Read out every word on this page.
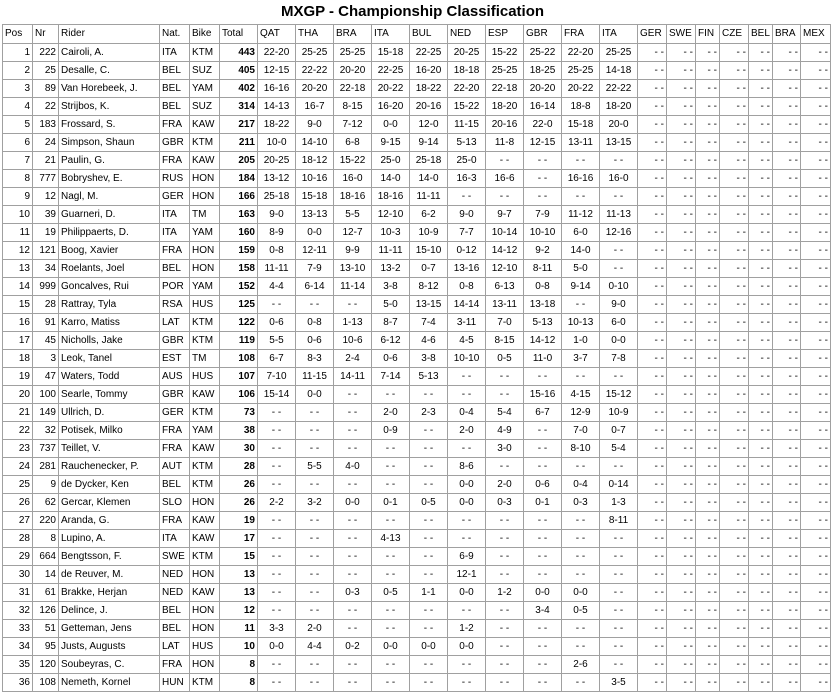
MXGP - Championship Classification
Pos	Nr	Rider	Nat.	Bike	Total	QAT	THA	BRA	ITA	BUL	NED	ESP	GBR	FRA	ITA	GER	SWE	FIN	CZE	BEL	BRA	MEX
1	222	Cairoli, A.	ITA	KTM	443	22-20	25-25	25-25	15-18	22-25	20-25	15-22	25-22	22-20	25-25	- -	- -	- -	- -	- -	- -	- -
2	25	Desalle, C.	BEL	SUZ	405	12-15	22-22	20-20	22-25	16-20	18-18	25-25	18-25	25-25	14-18	- -	- -	- -	- -	- -	- -	- -
3	89	Van Horebeek, J.	BEL	YAM	402	16-16	20-20	22-18	20-22	18-22	22-20	22-18	20-20	20-22	22-22	- -	- -	- -	- -	- -	- -	- -
4	22	Strijbos, K.	BEL	SUZ	314	14-13	16-7	8-15	16-20	20-16	15-22	18-20	16-14	18-8	18-20	- -	- -	- -	- -	- -	- -	- -
5	183	Frossard, S.	FRA	KAW	217	18-22	9-0	7-12	0-0	12-0	11-15	20-16	22-0	15-18	20-0	- -	- -	- -	- -	- -	- -	- -
6	24	Simpson, Shaun	GBR	KTM	211	10-0	14-10	6-8	9-15	9-14	5-13	11-8	12-15	13-11	13-15	- -	- -	- -	- -	- -	- -	- -
7	21	Paulin, G.	FRA	KAW	205	20-25	18-12	15-22	25-0	25-18	25-0	- -	- -	- -	- -	- -	- -	- -	- -	- -	- -	- -
8	777	Bobryshev, E.	RUS	HON	184	13-12	10-16	16-0	14-0	14-0	16-3	16-6	- -	16-16	16-0	- -	- -	- -	- -	- -	- -	- -
9	12	Nagl, M.	GER	HON	166	25-18	15-18	18-16	18-16	11-11	- -	- -	- -	- -	- -	- -	- -	- -	- -	- -	- -	- -
10	39	Guarneri, D.	ITA	TM	163	9-0	13-13	5-5	12-10	6-2	9-0	9-7	7-9	11-12	11-13	- -	- -	- -	- -	- -	- -	- -
11	19	Philippaerts, D.	ITA	YAM	160	8-9	0-0	12-7	10-3	10-9	7-7	10-14	10-10	6-0	12-16	- -	- -	- -	- -	- -	- -	- -
12	121	Boog, Xavier	FRA	HON	159	0-8	12-11	9-9	11-11	15-10	0-12	14-12	9-2	14-0	- -	- -	- -	- -	- -	- -	- -	- -
13	34	Roelants, Joel	BEL	HON	158	11-11	7-9	13-10	13-2	0-7	13-16	12-10	8-11	5-0	- -	- -	- -	- -	- -	- -	- -	- -
14	999	Goncalves, Rui	POR	YAM	152	4-4	6-14	11-14	3-8	8-12	0-8	6-13	0-8	9-14	0-10	- -	- -	- -	- -	- -	- -	- -
15	28	Rattray, Tyla	RSA	HUS	125	- -	- -	- -	5-0	13-15	14-14	13-11	13-18	- -	9-0	- -	- -	- -	- -	- -	- -	- -
16	91	Karro, Matiss	LAT	KTM	122	0-6	0-8	1-13	8-7	7-4	3-11	7-0	5-13	10-13	6-0	- -	- -	- -	- -	- -	- -	- -
17	45	Nicholls, Jake	GBR	KTM	119	5-5	0-6	10-6	6-12	4-6	4-5	8-15	14-12	1-0	0-0	- -	- -	- -	- -	- -	- -	- -
18	3	Leok, Tanel	EST	TM	108	6-7	8-3	2-4	0-6	3-8	10-10	0-5	11-0	3-7	7-8	- -	- -	- -	- -	- -	- -	- -
19	47	Waters, Todd	AUS	HUS	107	7-10	11-15	14-11	7-14	5-13	- -	- -	- -	- -	- -	- -	- -	- -	- -	- -	- -	- -
20	100	Searle, Tommy	GBR	KAW	106	15-14	0-0	- -	- -	- -	- -	- -	15-16	4-15	15-12	- -	- -	- -	- -	- -	- -	- -
21	149	Ullrich, D.	GER	KTM	73	- -	- -	- -	2-0	2-3	0-4	5-4	6-7	12-9	10-9	- -	- -	- -	- -	- -	- -	- -
22	32	Potisek, Milko	FRA	YAM	38	- -	- -	- -	0-9	- -	2-0	4-9	- -	7-0	0-7	- -	- -	- -	- -	- -	- -	- -
23	737	Teillet, V.	FRA	KAW	30	- -	- -	- -	- -	- -	- -	3-0	- -	8-10	5-4	- -	- -	- -	- -	- -	- -	- -
24	281	Rauchenecker, P.	AUT	KTM	28	- -	5-5	4-0	- -	- -	8-6	- -	- -	- -	- -	- -	- -	- -	- -	- -	- -	- -
25	9	de Dycker, Ken	BEL	KTM	26	- -	- -	- -	- -	- -	0-0	2-0	0-6	0-4	0-14	- -	- -	- -	- -	- -	- -	- -
26	62	Gercar, Klemen	SLO	HON	26	2-2	3-2	0-0	0-1	0-5	0-0	0-3	0-1	0-3	1-3	- -	- -	- -	- -	- -	- -	- -
27	220	Aranda, G.	FRA	KAW	19	- -	- -	- -	- -	- -	- -	- -	- -	- -	8-11	- -	- -	- -	- -	- -	- -	- -
28	8	Lupino, A.	ITA	KAW	17	- -	- -	- -	4-13	- -	- -	- -	- -	- -	- -	- -	- -	- -	- -	- -	- -	- -
29	664	Bengtsson, F.	SWE	KTM	15	- -	- -	- -	- -	- -	6-9	- -	- -	- -	- -	- -	- -	- -	- -	- -	- -	- -
30	14	de Reuver, M.	NED	HON	13	- -	- -	- -	- -	- -	12-1	- -	- -	- -	- -	- -	- -	- -	- -	- -	- -	- -
31	61	Brakke, Herjan	NED	KAW	13	- -	- -	0-3	0-5	1-1	0-0	1-2	0-0	0-0	- -	- -	- -	- -	- -	- -	- -	- -
32	126	Delince, J.	BEL	HON	12	- -	- -	- -	- -	- -	- -	- -	3-4	0-5	- -	- -	- -	- -	- -	- -	- -	- -
33	51	Getteman, Jens	BEL	HON	11	3-3	2-0	- -	- -	- -	1-2	- -	- -	- -	- -	- -	- -	- -	- -	- -	- -	- -
34	95	Justs, Augusts	LAT	HUS	10	0-0	4-4	0-2	0-0	0-0	0-0	- -	- -	- -	- -	- -	- -	- -	- -	- -	- -	- -
35	120	Soubeyras, C.	FRA	HON	8	- -	- -	- -	- -	- -	- -	- -	- -	2-6	- -	- -	- -	- -	- -	- -	- -	- -
36	108	Nemeth, Kornel	HUN	KTM	8	- -	- -	- -	- -	- -	- -	- -	- -	- -	3-5	- -	- -	- -	- -	- -	- -	- -
